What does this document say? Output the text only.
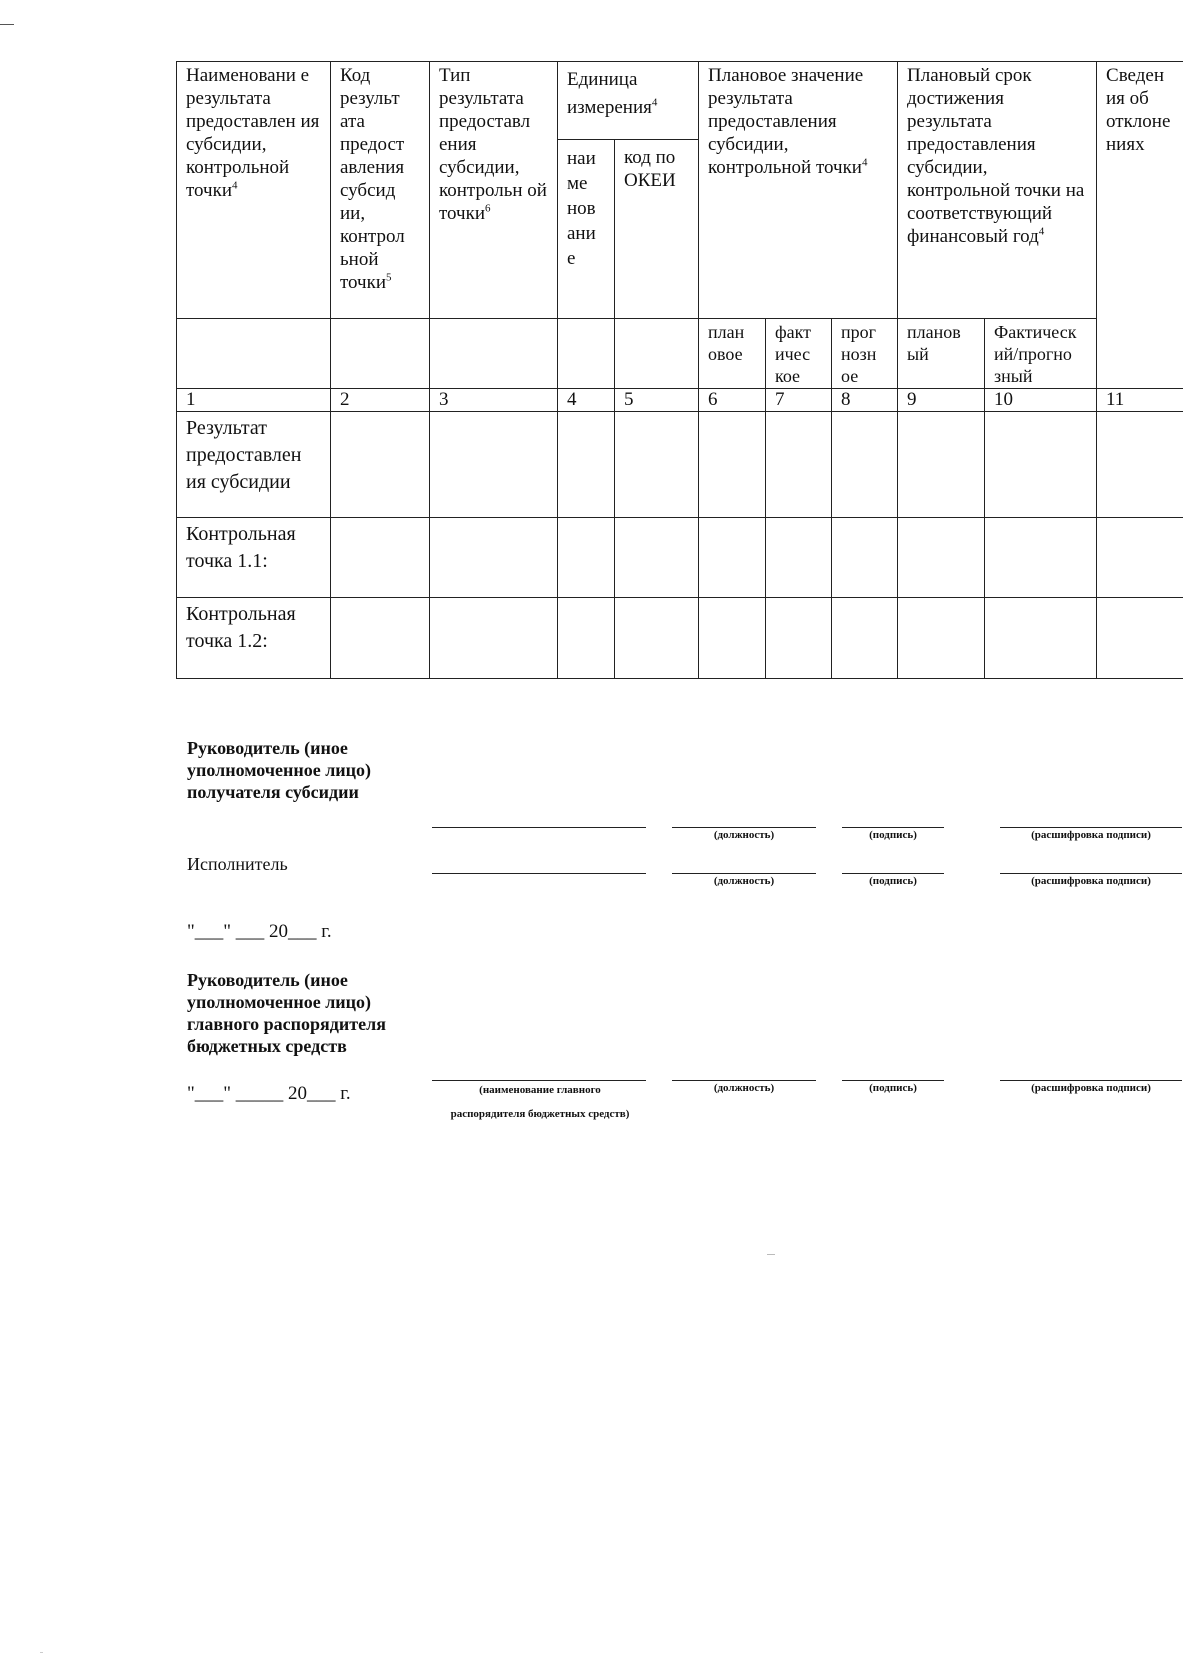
Наименовани е результата предоставлен ия субсидии, контрольной точки$^4$	Код результ ата предост авления субсид ии, контрол ьной точки$^5$	Тип результата предоставл ения субсидии, контрольн ой точки$^6$	Единица измерения$^4$		Плановое значение результата предоставления субсидии, контрольной точки$^4$			Плановый срок достижения результата предоставления субсидии, контрольной точки на соответствующий финансовый год$^4$		Сведен ия об отклоне ниях
			наи ме нов ани е	код по ОКЕИ						
					план овое	факт ичес кое	прог нозн ое	планов ый	Фактическ ий/прогно зный	
1	2	3	4	5	6	7	8	9	10	11
Результат предоставлен ия субсидии										
Контрольная точка 1.1:										
Контрольная точка 1.2:										
Руководитель (иное уполномоченное лицо) получателя субсидии
(должность)	(подпись)	(расшифровка подписи)
Исполнитель
(должность)	(подпись)	(расшифровка подписи)
"___" ___ 20___ г.
Руководитель (иное уполномоченное лицо) главного распорядителя бюджетных средств
"___" _____ 20___ г.	(наименование главного распорядителя бюджетных средств)
(должность)	(подпись)	(расшифровка подписи)
